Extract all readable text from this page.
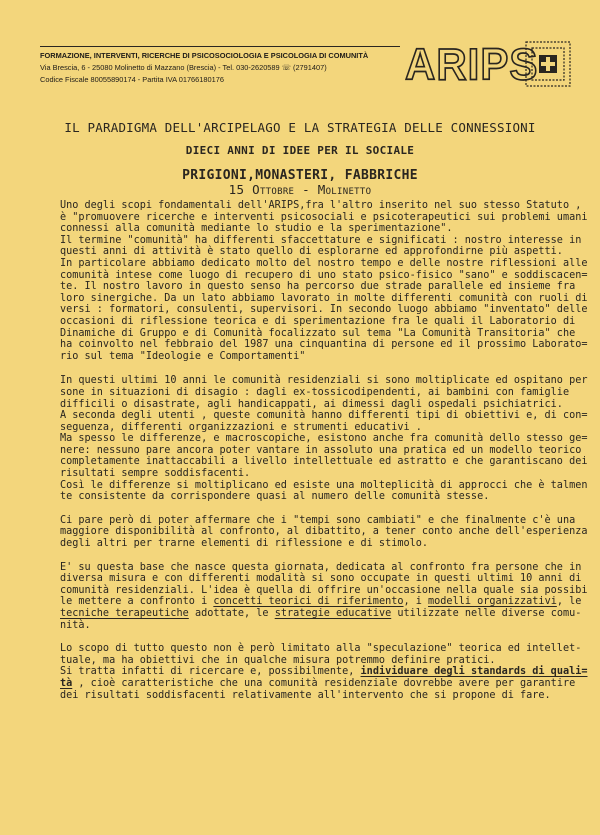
FORMAZIONE, INTERVENTI, RICERCHE DI PSICOSOCIOLOGIA E PSICOLOGIA DI COMUNITÀ
Via Brescia, 6 - 25080 Molinetto di Mazzano (Brescia) - Tel. 030-2620589 ☏ (2791407)
Codice Fiscale 80055890174 - Partita IVA 01766180176	ARIPS
IL PARADIGMA DELL'ARCIPELAGO E LA STRATEGIA DELLE CONNESSIONI
DIECI ANNI DI IDEE PER IL SOCIALE
PRIGIONI,MONASTERI, FABBRICHE
15 Ottobre - Molinetto
Uno degli scopi fondamentali dell'ARIPS,fra l'altro inserito nel suo stesso Statuto ,
è "promuovere ricerche e interventi psicosociali e psicoterapeutici sui problemi umani
connessi alla comunità mediante lo studio e la sperimentazione".
Il termine "comunità" ha differenti sfaccettature e significati : nostro interesse in
questi anni di attività è stato quello di esplorarne ed approfondirne più aspetti.
In particolare abbiamo dedicato molto del nostro tempo e delle nostre riflessioni alle
comunità intese come luogo di recupero di uno stato psico-fisico "sano" e soddiscacen=
te. Il nostro lavoro in questo senso ha percorso due strade parallele ed insieme fra
loro sinergiche. Da un lato abbiamo lavorato in molte differenti comunità con ruoli di
versi : formatori, consulenti, supervisori. In secondo luogo abbiamo "inventato" delle
occasioni di riflessione teorica e di sperimentazione fra le quali il Laboratorio di
Dinamiche di Gruppo e di Comunità focalizzato sul tema "La Comunità Transitoria" che
ha coinvolto nel febbraio del 1987 una cinquantina di persone ed il prossimo Laborato=
rio sul tema "Ideologie e Comportamenti"
In questi ultimi 10 anni le comunità residenziali si sono moltiplicate ed ospitano per
sone in situazioni di disagio : dagli ex-tossicodipendenti, ai bambini con famiglie
difficili o disastrate, agli handicappati, ai dimessi dagli ospedali psichiatrici.
A seconda degli utenti , queste comunità hanno differenti tipi di obiettivi e, di con=
seguenza, differenti organizzazioni e strumenti educativi .
Ma spesso le differenze, e macroscopiche, esistono anche fra comunità dello stesso ge=
nere: nessuno pare ancora poter vantare in assoluto una pratica ed un modello teorico
completamente inattaccabili a livello intellettuale ed astratto e che garantiscano dei
risultati sempre soddisfacenti.
Così le differenze si moltiplicano ed esiste una molteplicità di approcci che è talmen
te consistente da corrispondere quasi al numero delle comunità stesse.
Ci pare però di poter affermare che i "tempi sono cambiati" e che finalmente c'è una
maggiore disponibilità al confronto, al dibattito, a tener conto anche dell'esperienza
degli altri per trarne elementi di riflessione e di stimolo.
E' su questa base che nasce questa giornata, dedicata al confronto fra persone che in
diversa misura e con differenti modalità si sono occupate in questi ultimi 10 anni di
comunità residenziali. L'idea è quella di offrire un'occasione nella quale sia possibi
le mettere a confronto i concetti teorici di riferimento, i modelli organizzativi, le
tecniche terapeutiche adottate, le strategie educative utilizzate nelle diverse comu-
nità.
Lo scopo di tutto questo non è però limitato alla "speculazione" teorica ed intellet-
tuale, ma ha obiettivi che in qualche misura potremmo definire pratici.
Si tratta infatti di ricercare e, possibilmente, individuare degli standards di quali=
tà , cioè caratteristiche che una comunità residenziale dovrebbe avere per garantire
dei risultati soddisfacenti relativamente all'intervento che si propone di fare.
